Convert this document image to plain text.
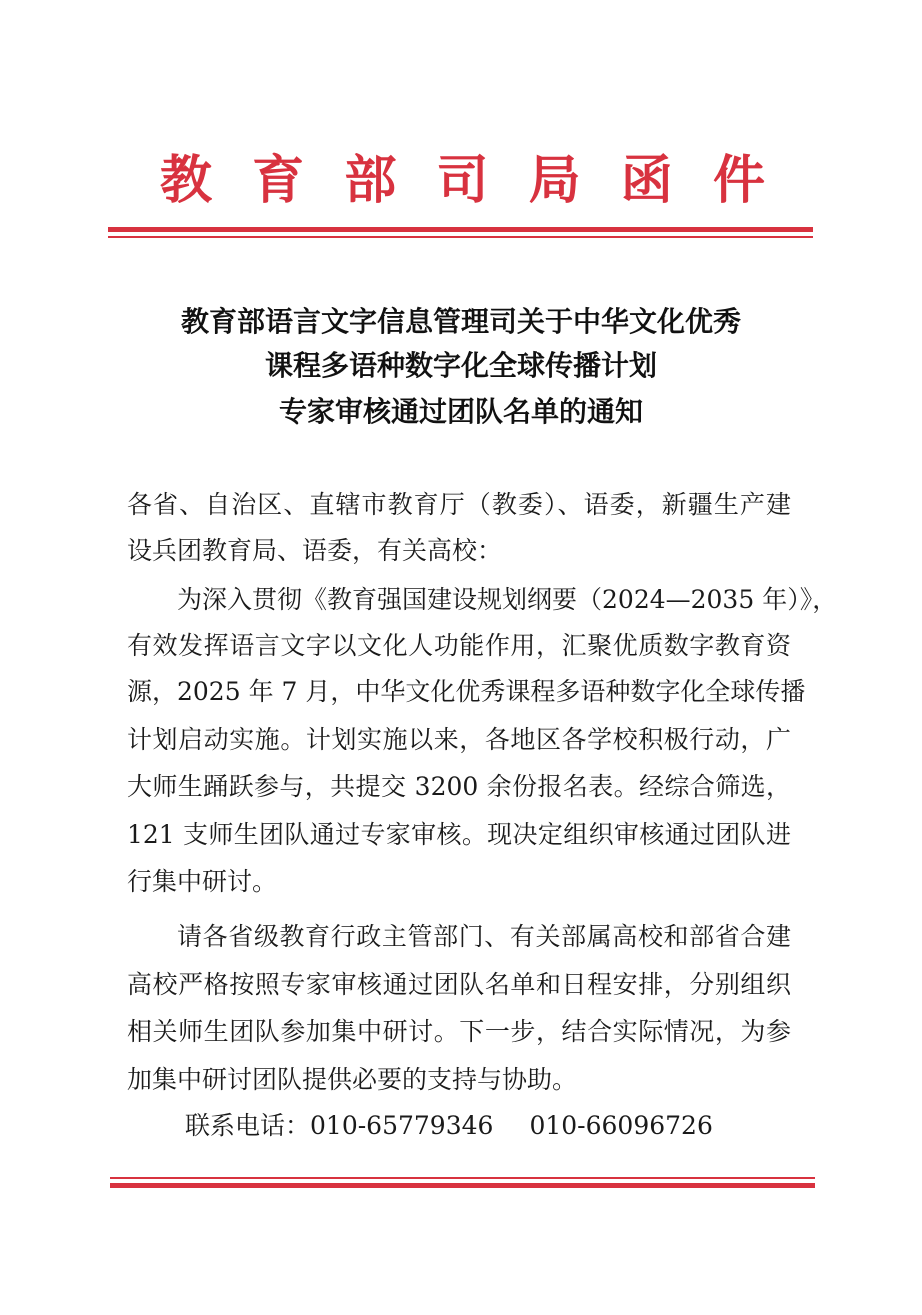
教 育 部 司 局 函 件
教育部语言文字信息管理司关于中华文化优秀
课程多语种数字化全球传播计划
专家审核通过团队名单的通知
各省、自治区、直辖市教育厅（教委）、语委，新疆生产建
设兵团教育局、语委，有关高校：
为深入贯彻《教育强国建设规划纲要（2024—2035 年）》，
有效发挥语言文字以文化人功能作用，汇聚优质数字教育资
源，2025 年 7 月，中华文化优秀课程多语种数字化全球传播
计划启动实施。计划实施以来，各地区各学校积极行动，广
大师生踊跃参与，共提交 3200 余份报名表。经综合筛选，
121 支师生团队通过专家审核。现决定组织审核通过团队进
行集中研讨。
请各省级教育行政主管部门、有关部属高校和部省合建
高校严格按照专家审核通过团队名单和日程安排，分别组织
相关师生团队参加集中研讨。下一步，结合实际情况，为参
加集中研讨团队提供必要的支持与协助。
联系电话：010-65779346 010-66096726
